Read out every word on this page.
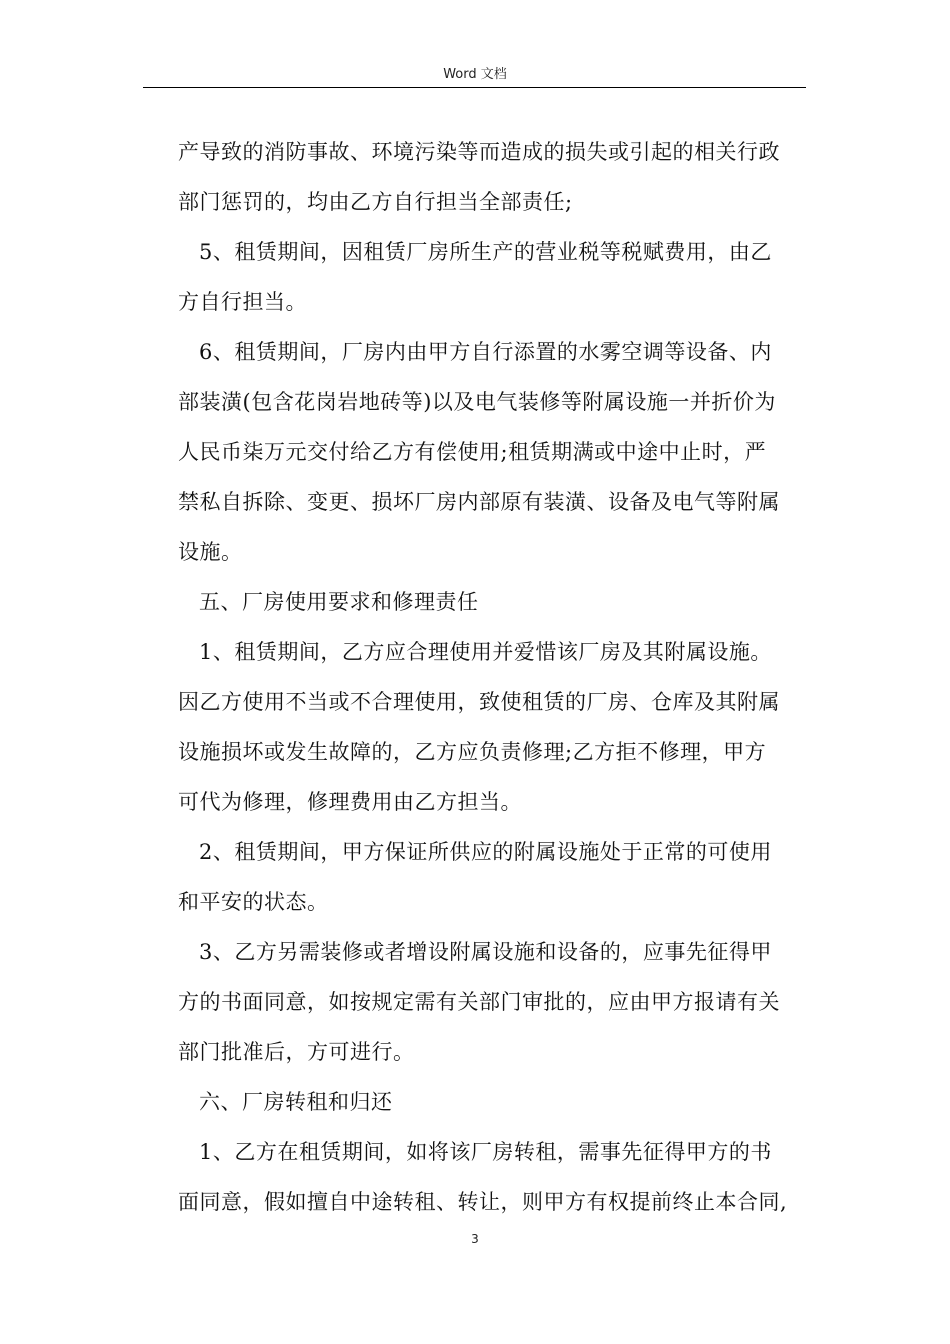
Word 文档
产导致的消防事故、环境污染等而造成的损失或引起的相关行政
部门惩罚的，均由乙方自行担当全部责任;
5、租赁期间，因租赁厂房所生产的营业税等税赋费用，由乙
方自行担当。
6、租赁期间，厂房内由甲方自行添置的水雾空调等设备、内
部装潢(包含花岗岩地砖等)以及电气装修等附属设施一并折价为
人民币柒万元交付给乙方有偿使用;租赁期满或中途中止时，严
禁私自拆除、变更、损坏厂房内部原有装潢、设备及电气等附属
设施。
五、厂房使用要求和修理责任
1、租赁期间，乙方应合理使用并爱惜该厂房及其附属设施。
因乙方使用不当或不合理使用，致使租赁的厂房、仓库及其附属
设施损坏或发生故障的，乙方应负责修理;乙方拒不修理，甲方
可代为修理，修理费用由乙方担当。
2、租赁期间，甲方保证所供应的附属设施处于正常的可使用
和平安的状态。
3、乙方另需装修或者增设附属设施和设备的，应事先征得甲
方的书面同意，如按规定需有关部门审批的，应由甲方报请有关
部门批准后，方可进行。
六、厂房转租和归还
1、乙方在租赁期间，如将该厂房转租，需事先征得甲方的书
面同意，假如擅自中途转租、转让，则甲方有权提前终止本合同,
3
